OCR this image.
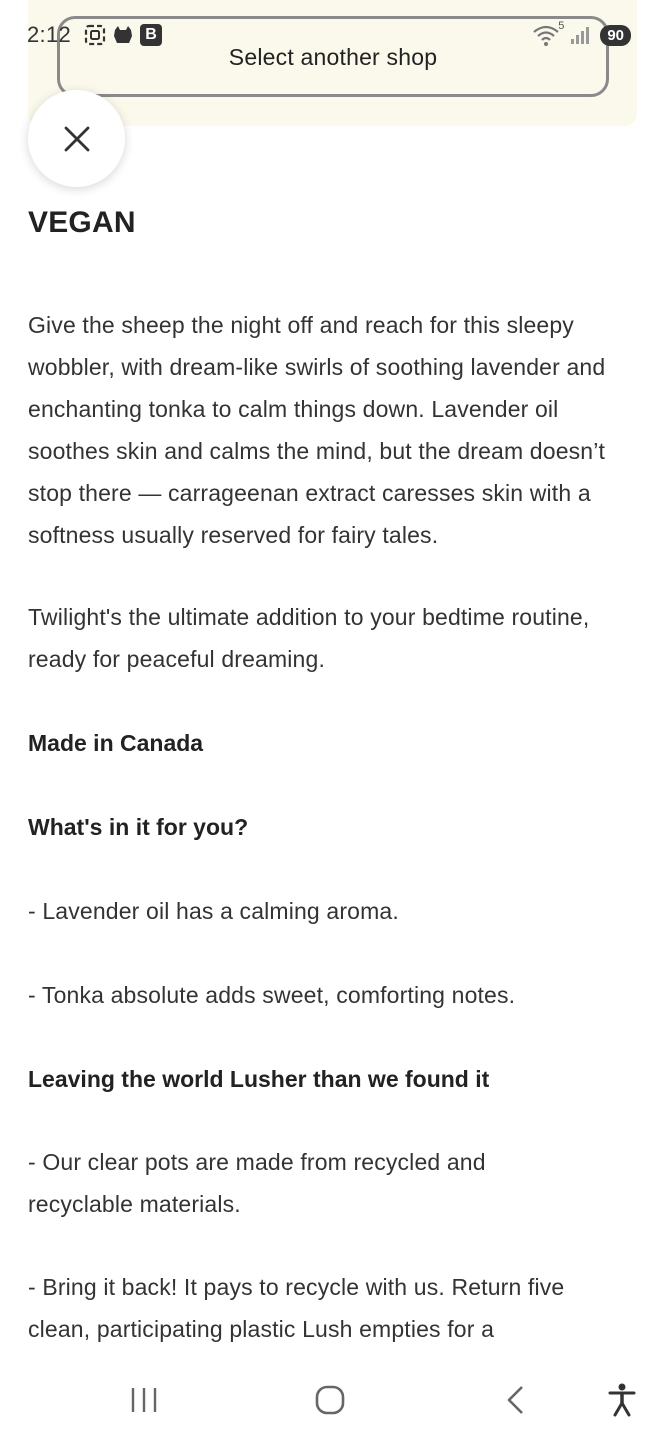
2:12	B	5
90
Select another shop
VEGAN

Give the sheep the night off and reach for this sleepy wobbler, with dream-like swirls of soothing lavender and enchanting tonka to calm things down. Lavender oil soothes skin and calms the mind, but the dream doesn’t stop there — carrageenan extract caresses skin with a softness usually reserved for fairy tales.

Twilight's the ultimate addition to your bedtime routine, ready for peaceful dreaming.

Made in Canada

What's in it for you?

- Lavender oil has a calming aroma.

- Tonka absolute adds sweet, comforting notes.

Leaving the world Lusher than we found it

- Our clear pots are made from recycled and recyclable materials.

- Bring it back! It pays to recycle with us. Return five clean, participating plastic Lush empties for a
